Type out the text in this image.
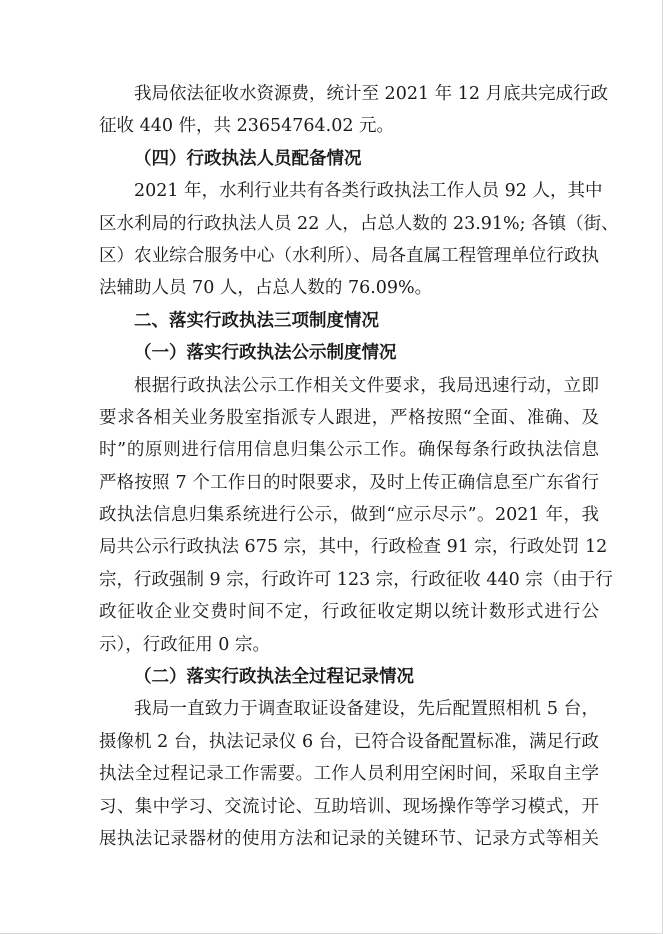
我局依法征收水资源费，统计至 2021 年 12 月底共完成行政
征收 440 件，共 23654764.02 元。
（四）行政执法人员配备情况
2021 年，水利行业共有各类行政执法工作人员 92 人，其中
区水利局的行政执法人员 22 人，占总人数的 23.91%; 各镇（街、
区）农业综合服务中心（水利所）、局各直属工程管理单位行政执
法辅助人员 70 人，占总人数的 76.09%。
二、落实行政执法三项制度情况
（一）落实行政执法公示制度情况
根据行政执法公示工作相关文件要求，我局迅速行动，立即
要求各相关业务股室指派专人跟进，严格按照“全面、准确、及
时”的原则进行信用信息归集公示工作。确保每条行政执法信息
严格按照 7 个工作日的时限要求，及时上传正确信息至广东省行
政执法信息归集系统进行公示，做到“应示尽示”。2021 年，我
局共公示行政执法 675 宗，其中，行政检查 91 宗，行政处罚 12
宗，行政强制 9 宗，行政许可 123 宗，行政征收 440 宗（由于行
政征收企业交费时间不定，行政征收定期以统计数形式进行公
示），行政征用 0 宗。
（二）落实行政执法全过程记录情况
我局一直致力于调查取证设备建设，先后配置照相机 5 台，
摄像机 2 台，执法记录仪 6 台，已符合设备配置标准，满足行政
执法全过程记录工作需要。工作人员利用空闲时间，采取自主学
习、集中学习、交流讨论、互助培训、现场操作等学习模式，开
展执法记录器材的使用方法和记录的关键环节、记录方式等相关
